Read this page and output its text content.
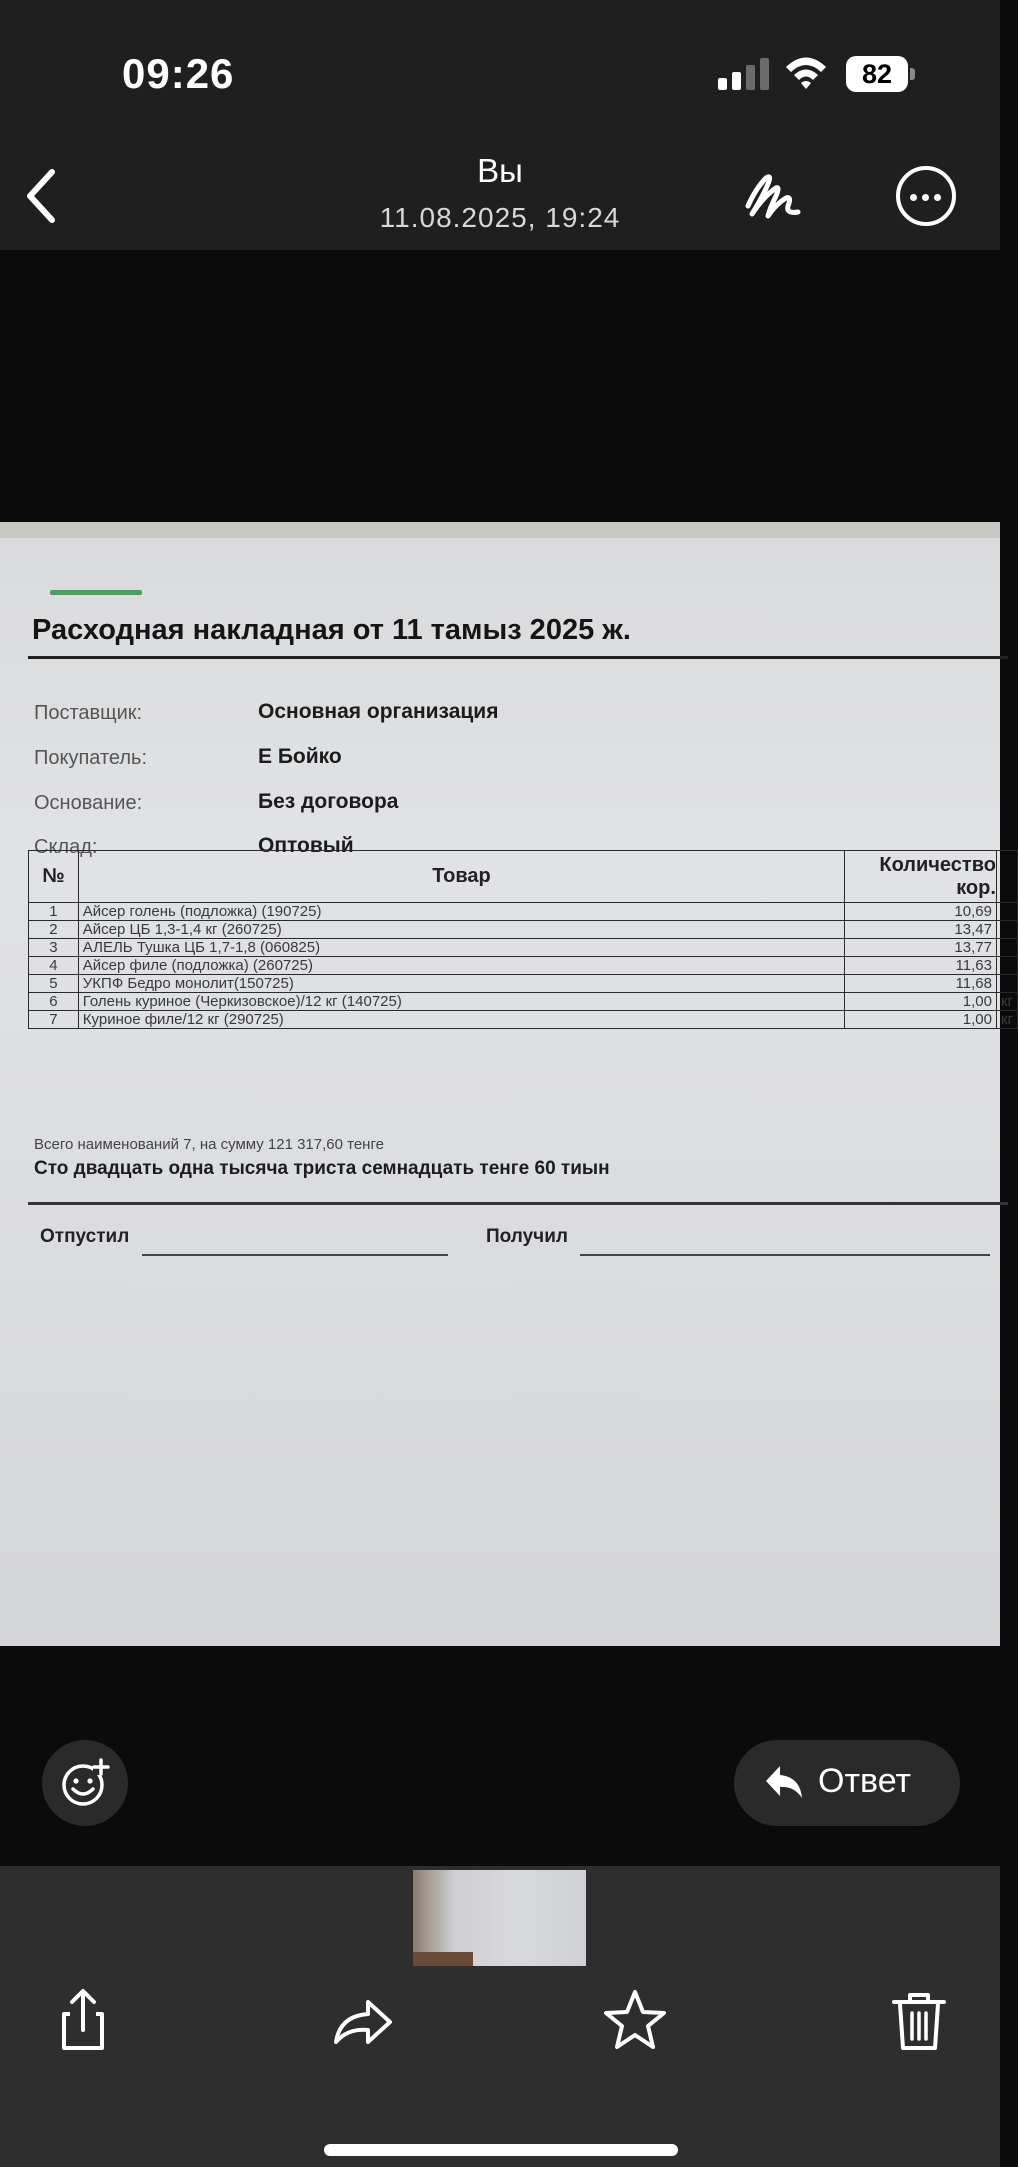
09:26	82
Вы
11.08.2025, 19:24
Расходная накладная от 11 тамыз 2025 ж.
Поставщик:	Основная организация
Покупатель:	Е Бойко
Основание:	Без договора
Склад:	Оптовый
№	Товар	Количество
кор.	

1	Айсер голень (подложка) (190725)	10,69	
2	Айсер ЦБ 1,3-1,4 кг (260725)	13,47	
3	АЛЕЛЬ Тушка ЦБ 1,7-1,8 (060825)	13,77	
4	Айсер филе (подложка) (260725)	11,63	
5	УКПФ Бедро монолит(150725)	11,68	
6	Голень куриное (Черкизовское)/12 кг (140725)	1,00	кг
7	Куриное филе/12 кг (290725)	1,00	кг
Всего наименований 7, на сумму 121 317,60 тенге
Сто двадцать одна тысяча триста семнадцать тенге 60 тиын
Отпустил	Получил
Ответ
